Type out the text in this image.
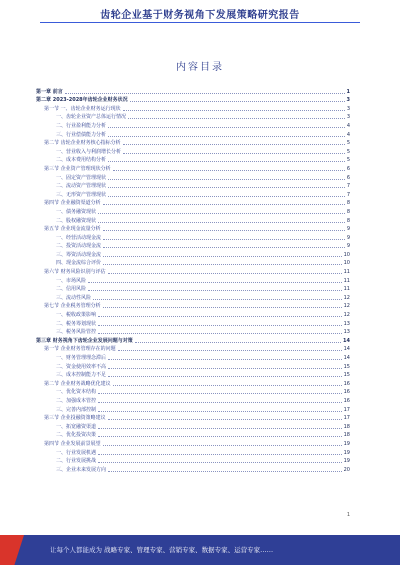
齿轮企业基于财务视角下发展策略研究报告
内容目录
第一章 前言	1
第二章 2023-2028年齿轮企业财务状况	3
第一节 一、齿轮企业财务运行现状	3
一、齿轮企业资产总体运行情况	3
二、行业盈利能力分析	4
三、行业偿债能力分析	4
第二节 齿轮企业财务核心指标分析	5
一、营业收入与利润增长分析	5
二、成本费用结构分析	5
第三节 企业资产管理现状分析	6
一、固定资产管理现状	6
二、流动资产管理现状	7
三、无形资产管理现状	7
第四节 企业融资渠道分析	8
一、债务融资现状	8
二、股权融资现状	8
第五节 企业现金流量分析	9
一、经营活动现金流	9
二、投资活动现金流	9
三、筹资活动现金流	10
四、现金流综合评价	10
第六节 财务风险识别与评估	11
一、市场风险	11
二、信用风险	11
三、流动性风险	12
第七节 企业税务管理分析	12
一、税收政策影响	12
二、税务筹划现状	13
三、税务风险管控	13
第三章 财务视角下齿轮企业发展问题与对策	14
第一节 企业财务管理存在的问题	14
一、财务管理理念滞后	14
二、资金使用效率不高	15
三、成本控制能力不足	15
第二节 企业财务战略优化建议	16
一、优化资本结构	16
二、加强成本管控	16
三、完善内部控制	17
第三节 企业投融资策略建议	17
一、拓宽融资渠道	18
二、优化投资决策	18
第四节 企业发展前景展望	19
一、行业发展机遇	19
二、行业发展挑战	19
三、企业未来发展方向	20
1
让每个人都能成为 战略专家、管理专家、营销专家、数据专家、运营专家……
